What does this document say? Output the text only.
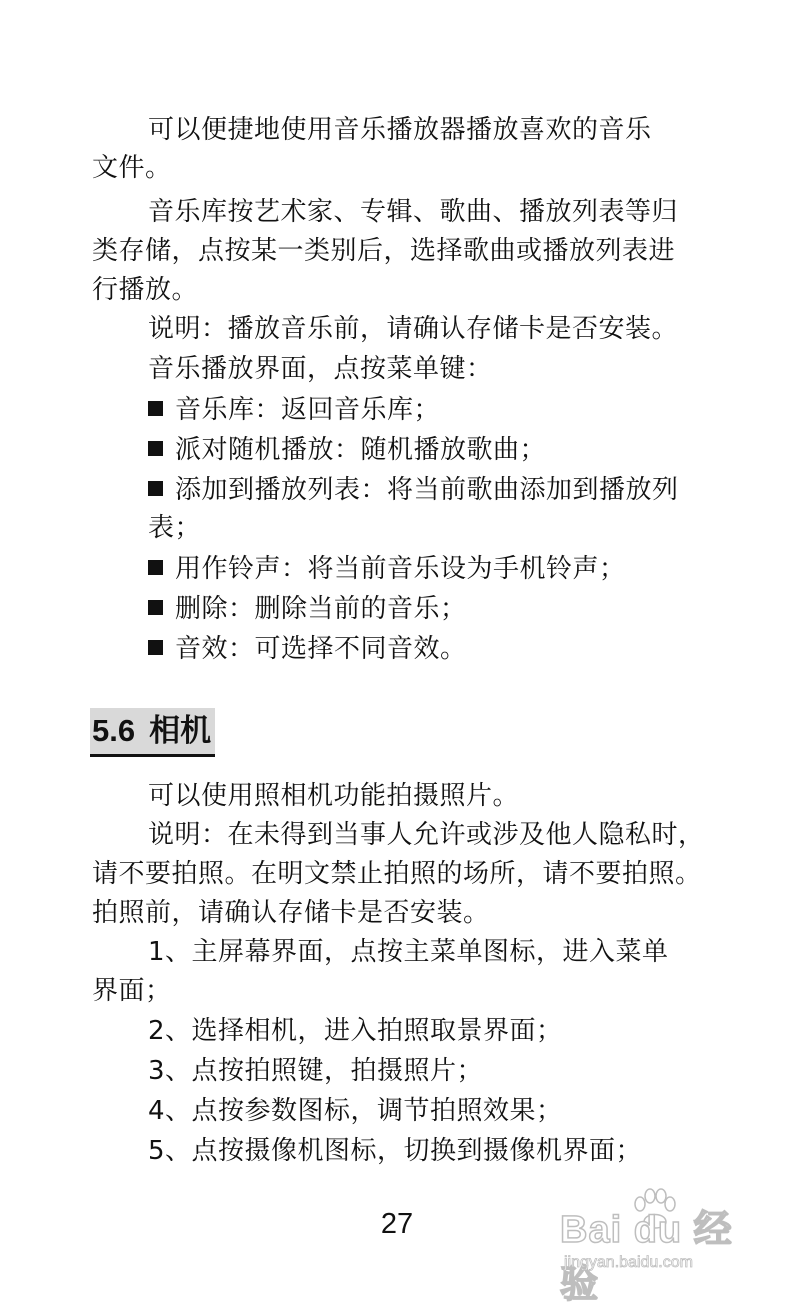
可以便捷地使用音乐播放器播放喜欢的音乐
文件。
音乐库按艺术家、专辑、歌曲、播放列表等归
类存储，点按某一类别后，选择歌曲或播放列表进
行播放。
说明：播放音乐前，请确认存储卡是否安装。
音乐播放界面，点按菜单键：
音乐库：返回音乐库；
派对随机播放：随机播放歌曲；
添加到播放列表：将当前歌曲添加到播放列
表；
用作铃声：将当前音乐设为手机铃声；
删除：删除当前的音乐；
音效：可选择不同音效。
5.6 相机
可以使用照相机功能拍摄照片。
说明：在未得到当事人允许或涉及他人隐私时，
请不要拍照。在明文禁止拍照的场所，请不要拍照。
拍照前，请确认存储卡是否安装。
1、主屏幕界面，点按主菜单图标，进入菜单
界面；
2、选择相机，进入拍照取景界面；
3、点按拍照键，拍摄照片；
4、点按参数图标，调节拍照效果；
5、点按摄像机图标，切换到摄像机界面；
27	Bai du 经验
jingyan.baidu.com
